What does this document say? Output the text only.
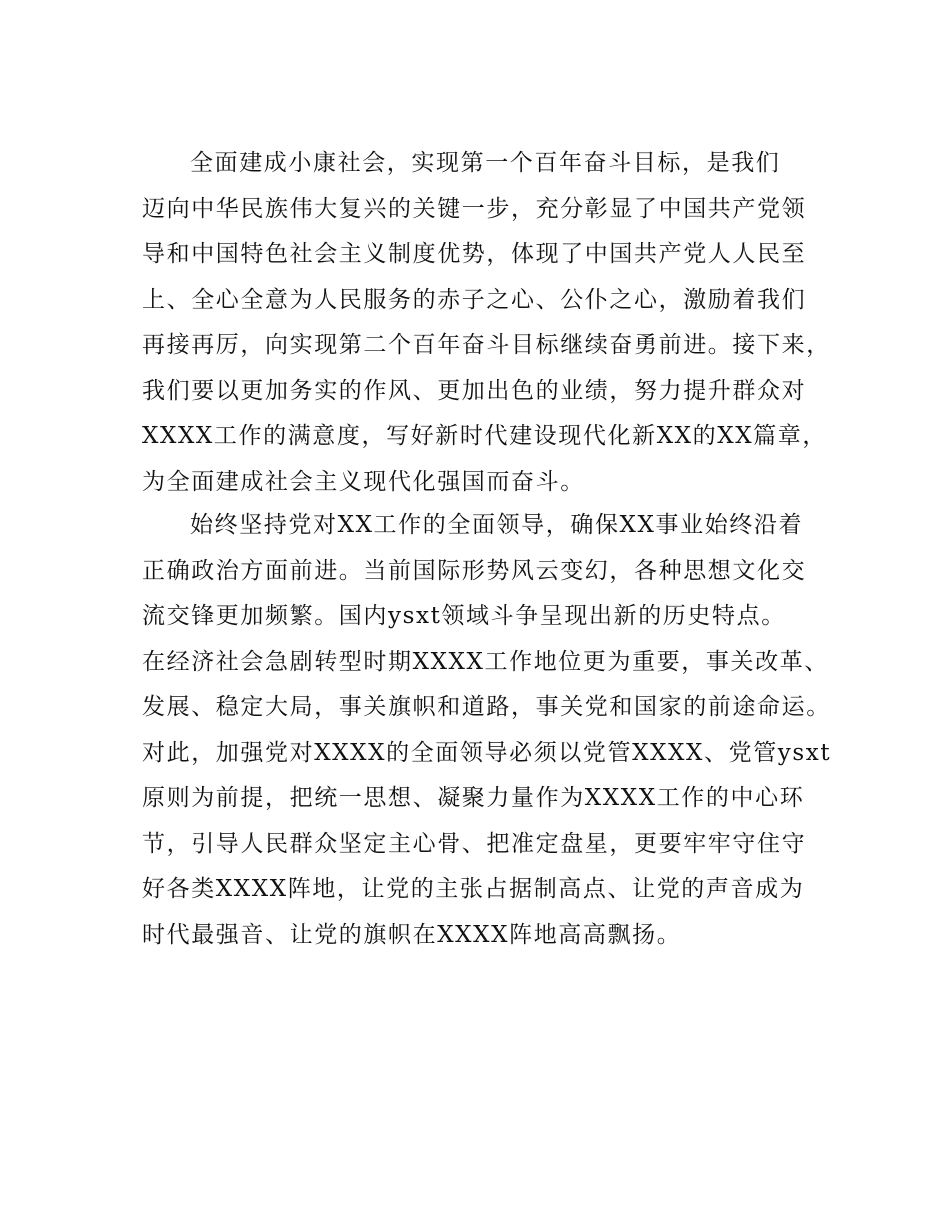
全面建成小康社会，实现第一个百年奋斗目标，是我们
迈向中华民族伟大复兴的关键一步，充分彰显了中国共产党领
导和中国特色社会主义制度优势，体现了中国共产党人人民至
上、全心全意为人民服务的赤子之心、公仆之心，激励着我们
再接再厉，向实现第二个百年奋斗目标继续奋勇前进。接下来，
我们要以更加务实的作风、更加出色的业绩，努力提升群众对
XXXX工作的满意度，写好新时代建设现代化新XX的XX篇章，
为全面建成社会主义现代化强国而奋斗。
始终坚持党对XX工作的全面领导，确保XX事业始终沿着
正确政治方面前进。当前国际形势风云变幻，各种思想文化交
流交锋更加频繁。国内ysxt领域斗争呈现出新的历史特点。
在经济社会急剧转型时期XXXX工作地位更为重要，事关改革、
发展、稳定大局，事关旗帜和道路，事关党和国家的前途命运。
对此，加强党对XXXX的全面领导必须以党管XXXX、党管ysxt
原则为前提，把统一思想、凝聚力量作为XXXX工作的中心环
节，引导人民群众坚定主心骨、把准定盘星，更要牢牢守住守
好各类XXXX阵地，让党的主张占据制高点、让党的声音成为
时代最强音、让党的旗帜在XXXX阵地高高飘扬。
